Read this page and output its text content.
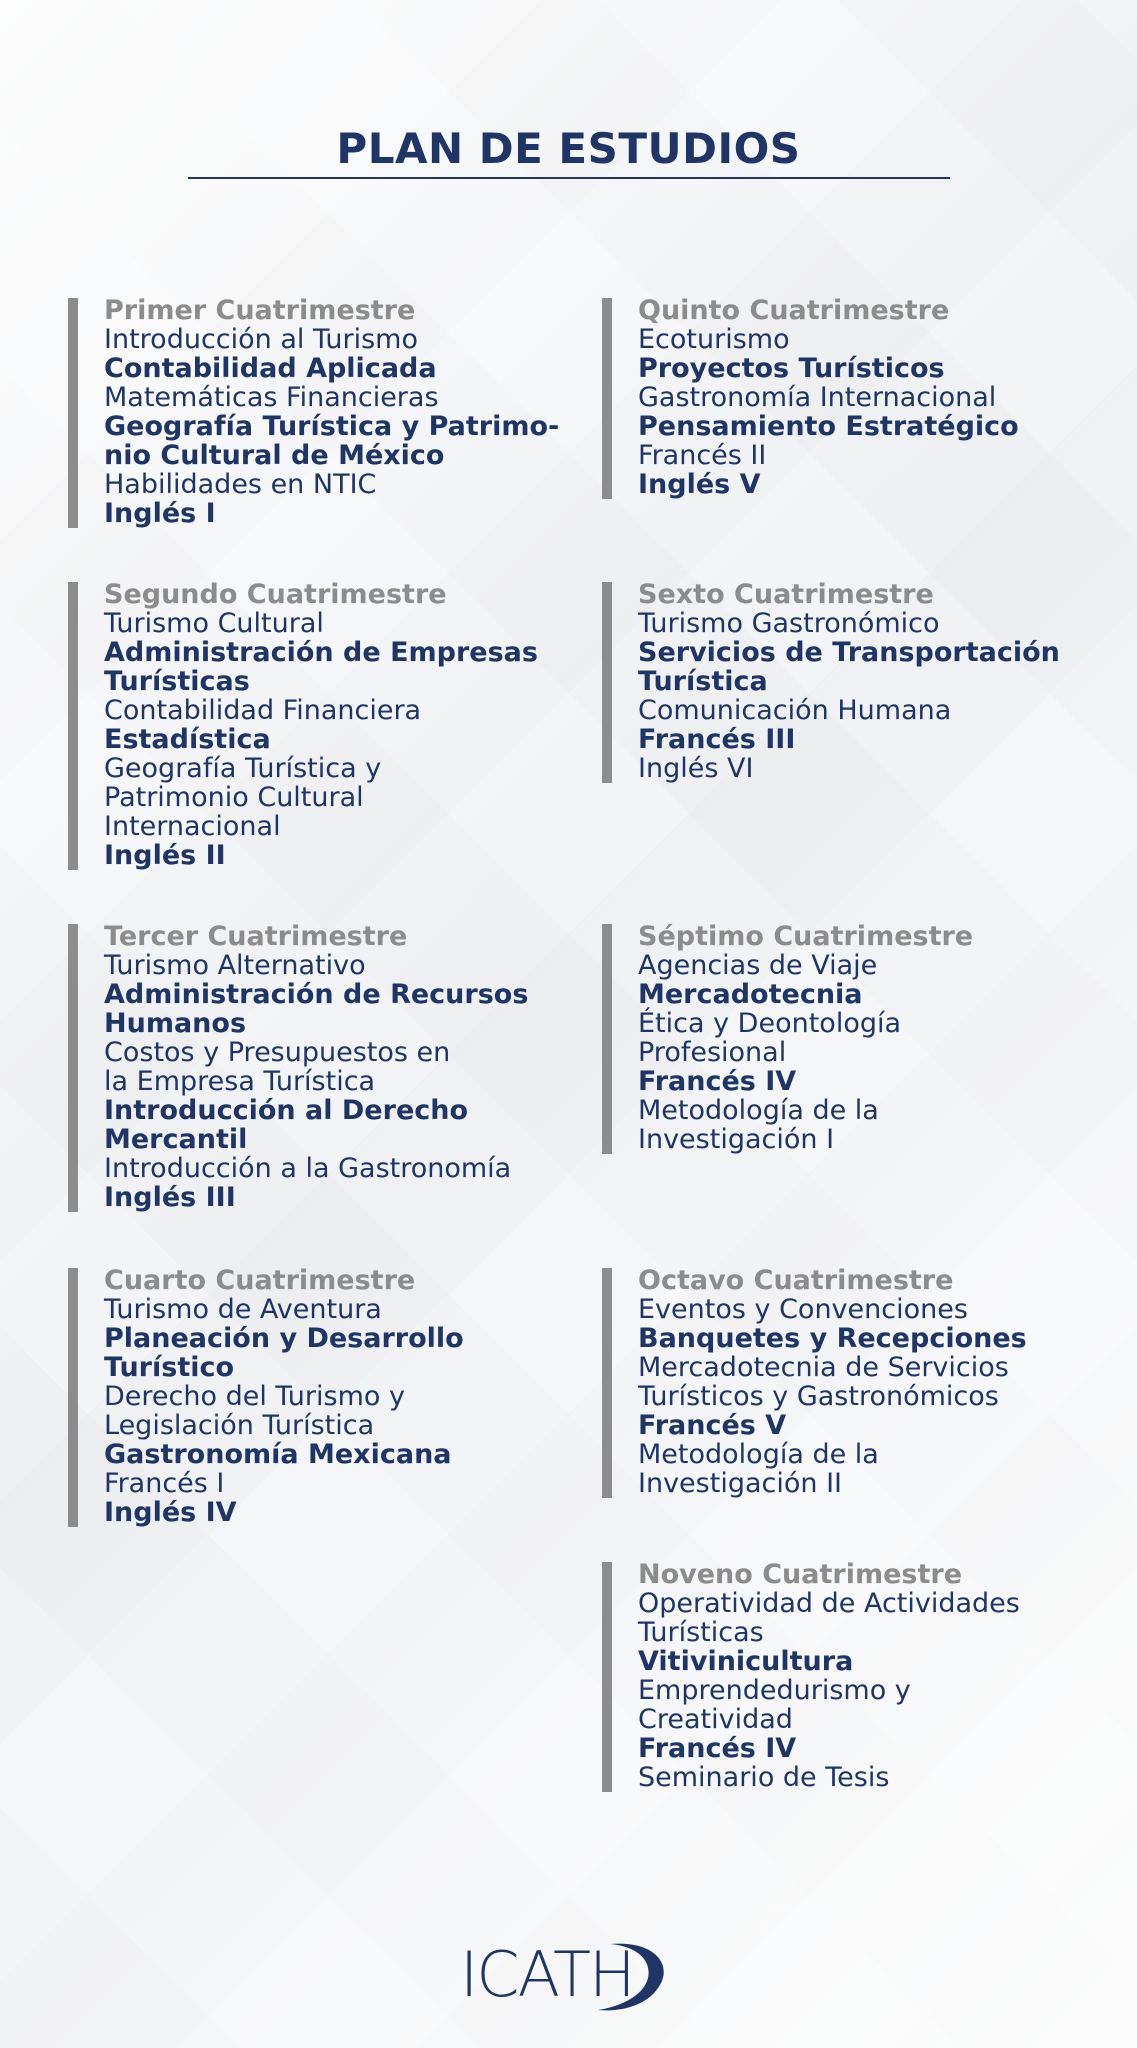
PLAN DE ESTUDIOS
Primer Cuatrimestre
Introducción al Turismo
Contabilidad Aplicada
Matemáticas Financieras
Geografía Turística y Patrimo-
nio Cultural de México
Habilidades en NTIC
Inglés I
Segundo Cuatrimestre
Turismo Cultural
Administración de Empresas
Turísticas
Contabilidad Financiera
Estadística
Geografía Turística y
Patrimonio Cultural
Internacional
Inglés II
Tercer Cuatrimestre
Turismo Alternativo
Administración de Recursos
Humanos
Costos y Presupuestos en
la Empresa Turística
Introducción al Derecho
Mercantil
Introducción a la Gastronomía
Inglés III
Cuarto Cuatrimestre
Turismo de Aventura
Planeación y Desarrollo
Turístico
Derecho del Turismo y
Legislación Turística
Gastronomía Mexicana
Francés I
Inglés IV
Quinto Cuatrimestre
Ecoturismo
Proyectos Turísticos
Gastronomía Internacional
Pensamiento Estratégico
Francés II
Inglés V
Sexto Cuatrimestre
Turismo Gastronómico
Servicios de Transportación
Turística
Comunicación Humana
Francés III
Inglés VI
Séptimo Cuatrimestre
Agencias de Viaje
Mercadotecnia
Ética y Deontología
Profesional
Francés IV
Metodología de la
Investigación I
Octavo Cuatrimestre
Eventos y Convenciones
Banquetes y Recepciones
Mercadotecnia de Servicios
Turísticos y Gastronómicos
Francés V
Metodología de la
Investigación II
Noveno Cuatrimestre
Operatividad de Actividades
Turísticas
Vitivinicultura
Emprendedurismo y
Creatividad
Francés IV
Seminario de Tesis
ICATH
